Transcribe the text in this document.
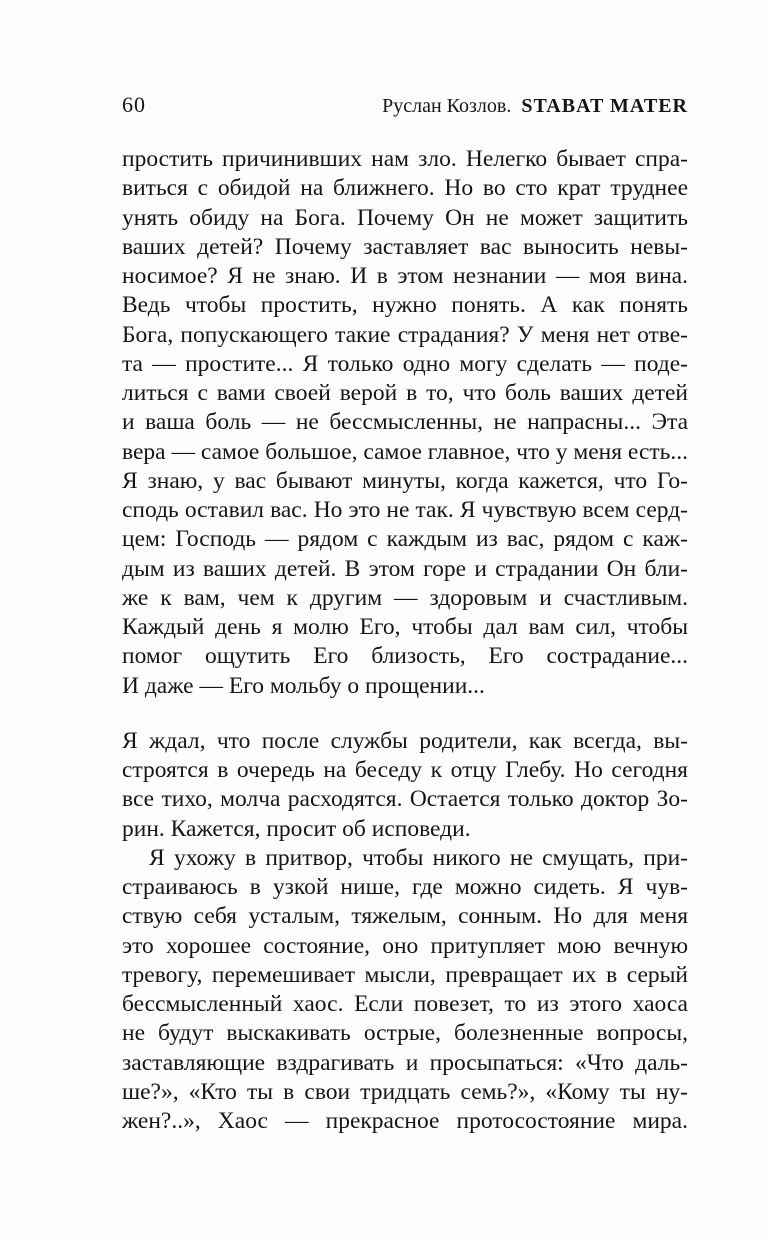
60	Руслан Козлов. STABAT MATER

простить причинивших нам зло. Нелегко бывает спра-
виться с обидой на ближнего. Но во сто крат труднее
унять обиду на Бога. Почему Он не может защитить
ваших детей? Почему заставляет вас выносить невы-
носимое? Я не знаю. И в этом незнании — моя вина.
Ведь чтобы простить, нужно понять. А как понять
Бога, попускающего такие страдания? У меня нет отве-
та — простите... Я только одно могу сделать — поде-
литься с вами своей верой в то, что боль ваших детей
и ваша боль — не бессмысленны, не напрасны... Эта
вера — самое большое, самое главное, что у меня есть...
Я знаю, у вас бывают минуты, когда кажется, что Го-
сподь оставил вас. Но это не так. Я чувствую всем серд-
цем: Господь — рядом с каждым из вас, рядом с каж-
дым из ваших детей. В этом горе и страдании Он бли-
же к вам, чем к другим — здоровым и счастливым.
Каждый день я молю Его, чтобы дал вам сил, чтобы
помог ощутить Его близость, Его сострадание...
И даже — Его мольбу о прощении...

Я ждал, что после службы родители, как всегда, вы-
строятся в очередь на беседу к отцу Глебу. Но сегодня
все тихо, молча расходятся. Остается только доктор Зо-
рин. Кажется, просит об исповеди.

Я ухожу в притвор, чтобы никого не смущать, при-
страиваюсь в узкой нише, где можно сидеть. Я чув-
ствую себя усталым, тяжелым, сонным. Но для меня
это хорошее состояние, оно притупляет мою вечную
тревогу, перемешивает мысли, превращает их в серый
бессмысленный хаос. Если повезет, то из этого хаоса
не будут выскакивать острые, болезненные вопросы,
заставляющие вздрагивать и просыпаться: «Что даль-
ше?», «Кто ты в свои тридцать семь?», «Кому ты ну-
жен?..», Хаос — прекрасное протосостояние мира.
